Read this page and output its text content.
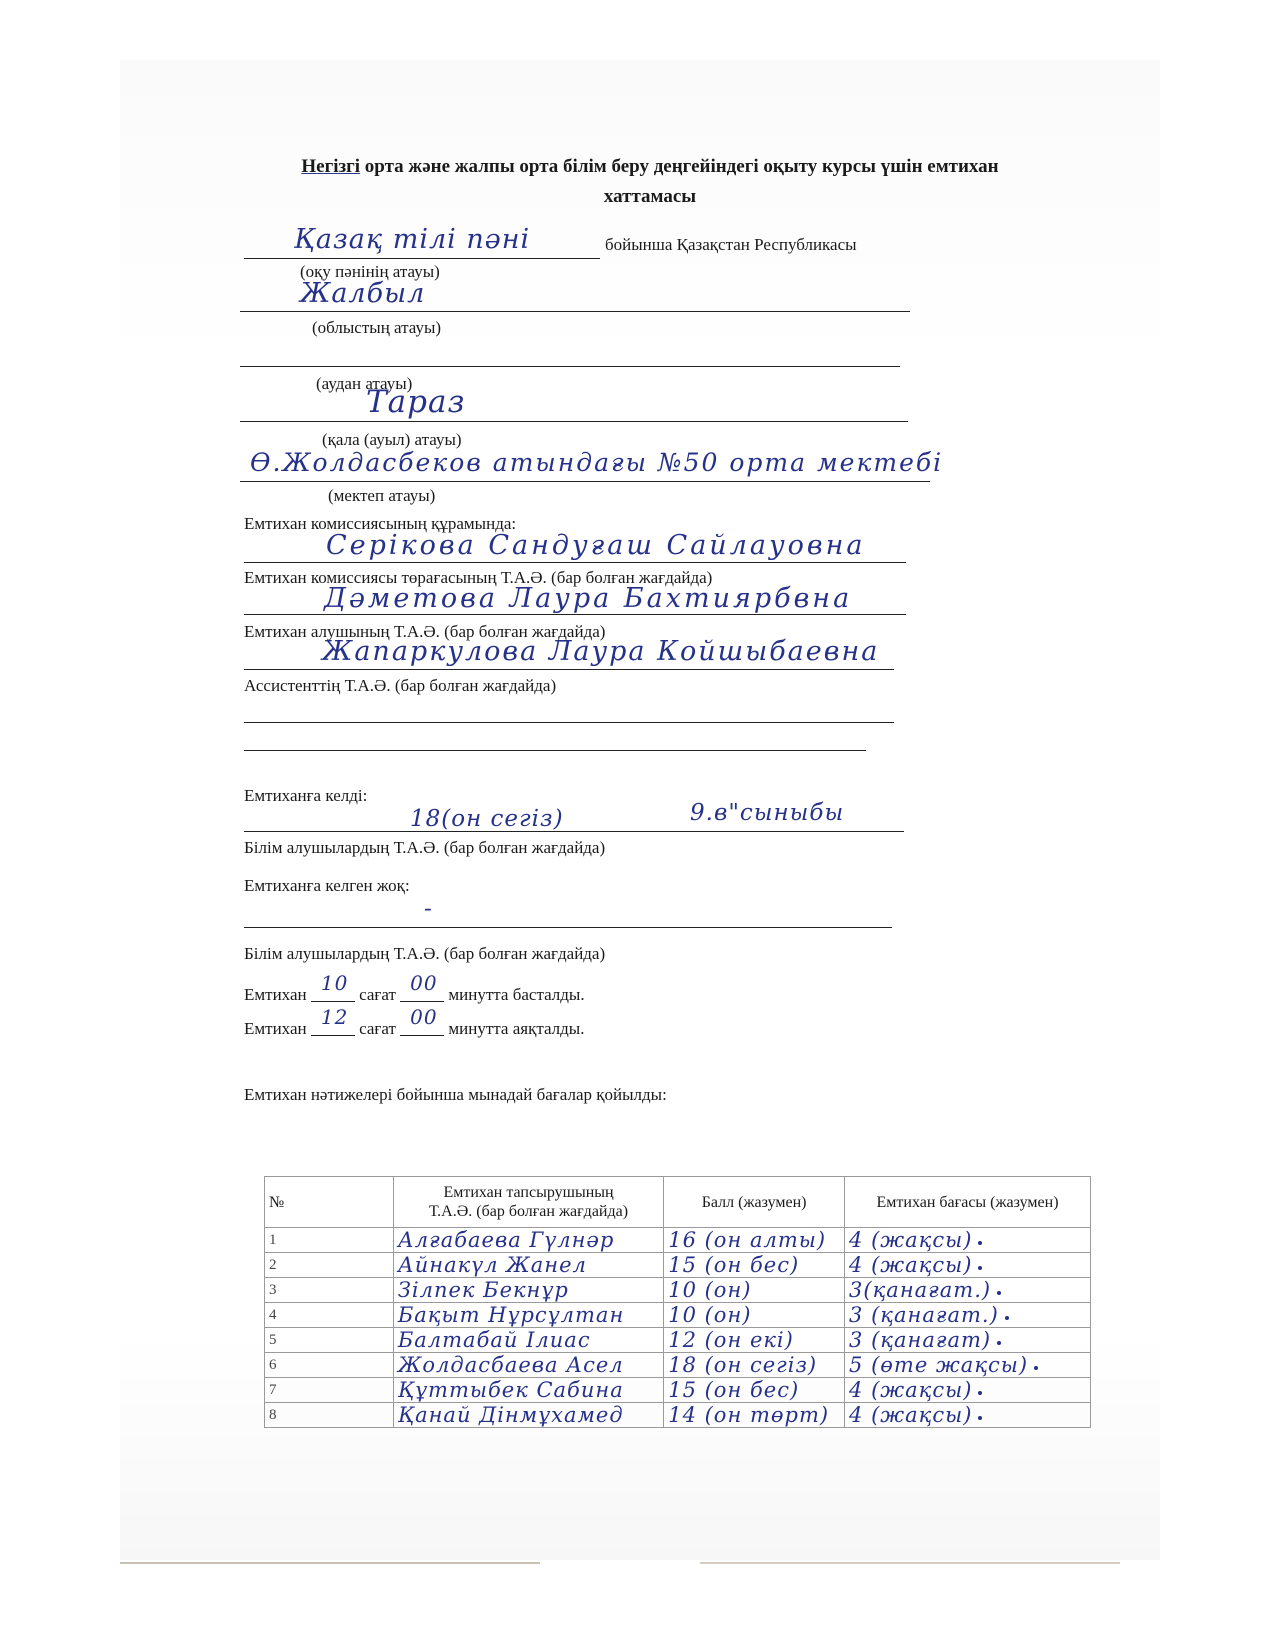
Негізгі орта және жалпы орта білім беру деңгейіндегі оқыту курсы үшін емтихан
хаттамасы
Қазақ тілі пәні	бойынша Қазақстан Республикасы
(оқу пәнінің атауы)
Жалбыл
(облыстың атауы)
(аудан атауы)
Тараз
(қала (ауыл) атауы)
Ө.Жолдасбеков атындағы №50 орта мектебі
(мектеп атауы)
Емтихан комиссиясының құрамында:
Серікова Сандуғаш Сайлауовна
Емтихан комиссиясы төрағасының Т.А.Ә. (бар болған жағдайда)
Дәметова Лаура Бахтиярбвна
Емтихан алушының Т.А.Ә. (бар болған жағдайда)
Жапаркулова Лаура Койшыбаевна
Ассистенттің Т.А.Ә. (бар болған жағдайда)
Емтиханға келді:
18(он сегіз)	9.в"сыныбы
Білім алушылардың Т.А.Ә. (бар болған жағдайда)
Емтиханға келген жоқ:
-
Білім алушылардың Т.А.Ә. (бар болған жағдайда)
Емтихан 10 сағат 00 минутта басталды.
Емтихан 12 сағат 00 минутта аяқталды.
Емтихан нәтижелері бойынша мынадай бағалар қойылды:
№	Емтихан тапсырушының
Т.А.Ә. (бар болған жағдайда)	Балл (жазумен)	Емтихан бағасы (жазумен)
1	Алғабаева Гүлнәр	16 (он алты)	4 (жақсы)
2	Айнакүл Жанел	15 (он бес)	4 (жақсы)
3	Зілпек Бекнұр	10 (он)	3(қанағат.)
4	Бақыт Нұрсұлтан	10 (он)	3 (қанағат.)
5	Балтабай Ілиас	12 (он екі)	3 (қанағат)
6	Жолдасбаева Асел	18 (он сегіз)	5 (өте жақсы)
7	Құттыбек Сабина	15 (он бес)	4 (жақсы)
8	Қанай Дінмұхамед	14 (он төрт)	4 (жақсы)
